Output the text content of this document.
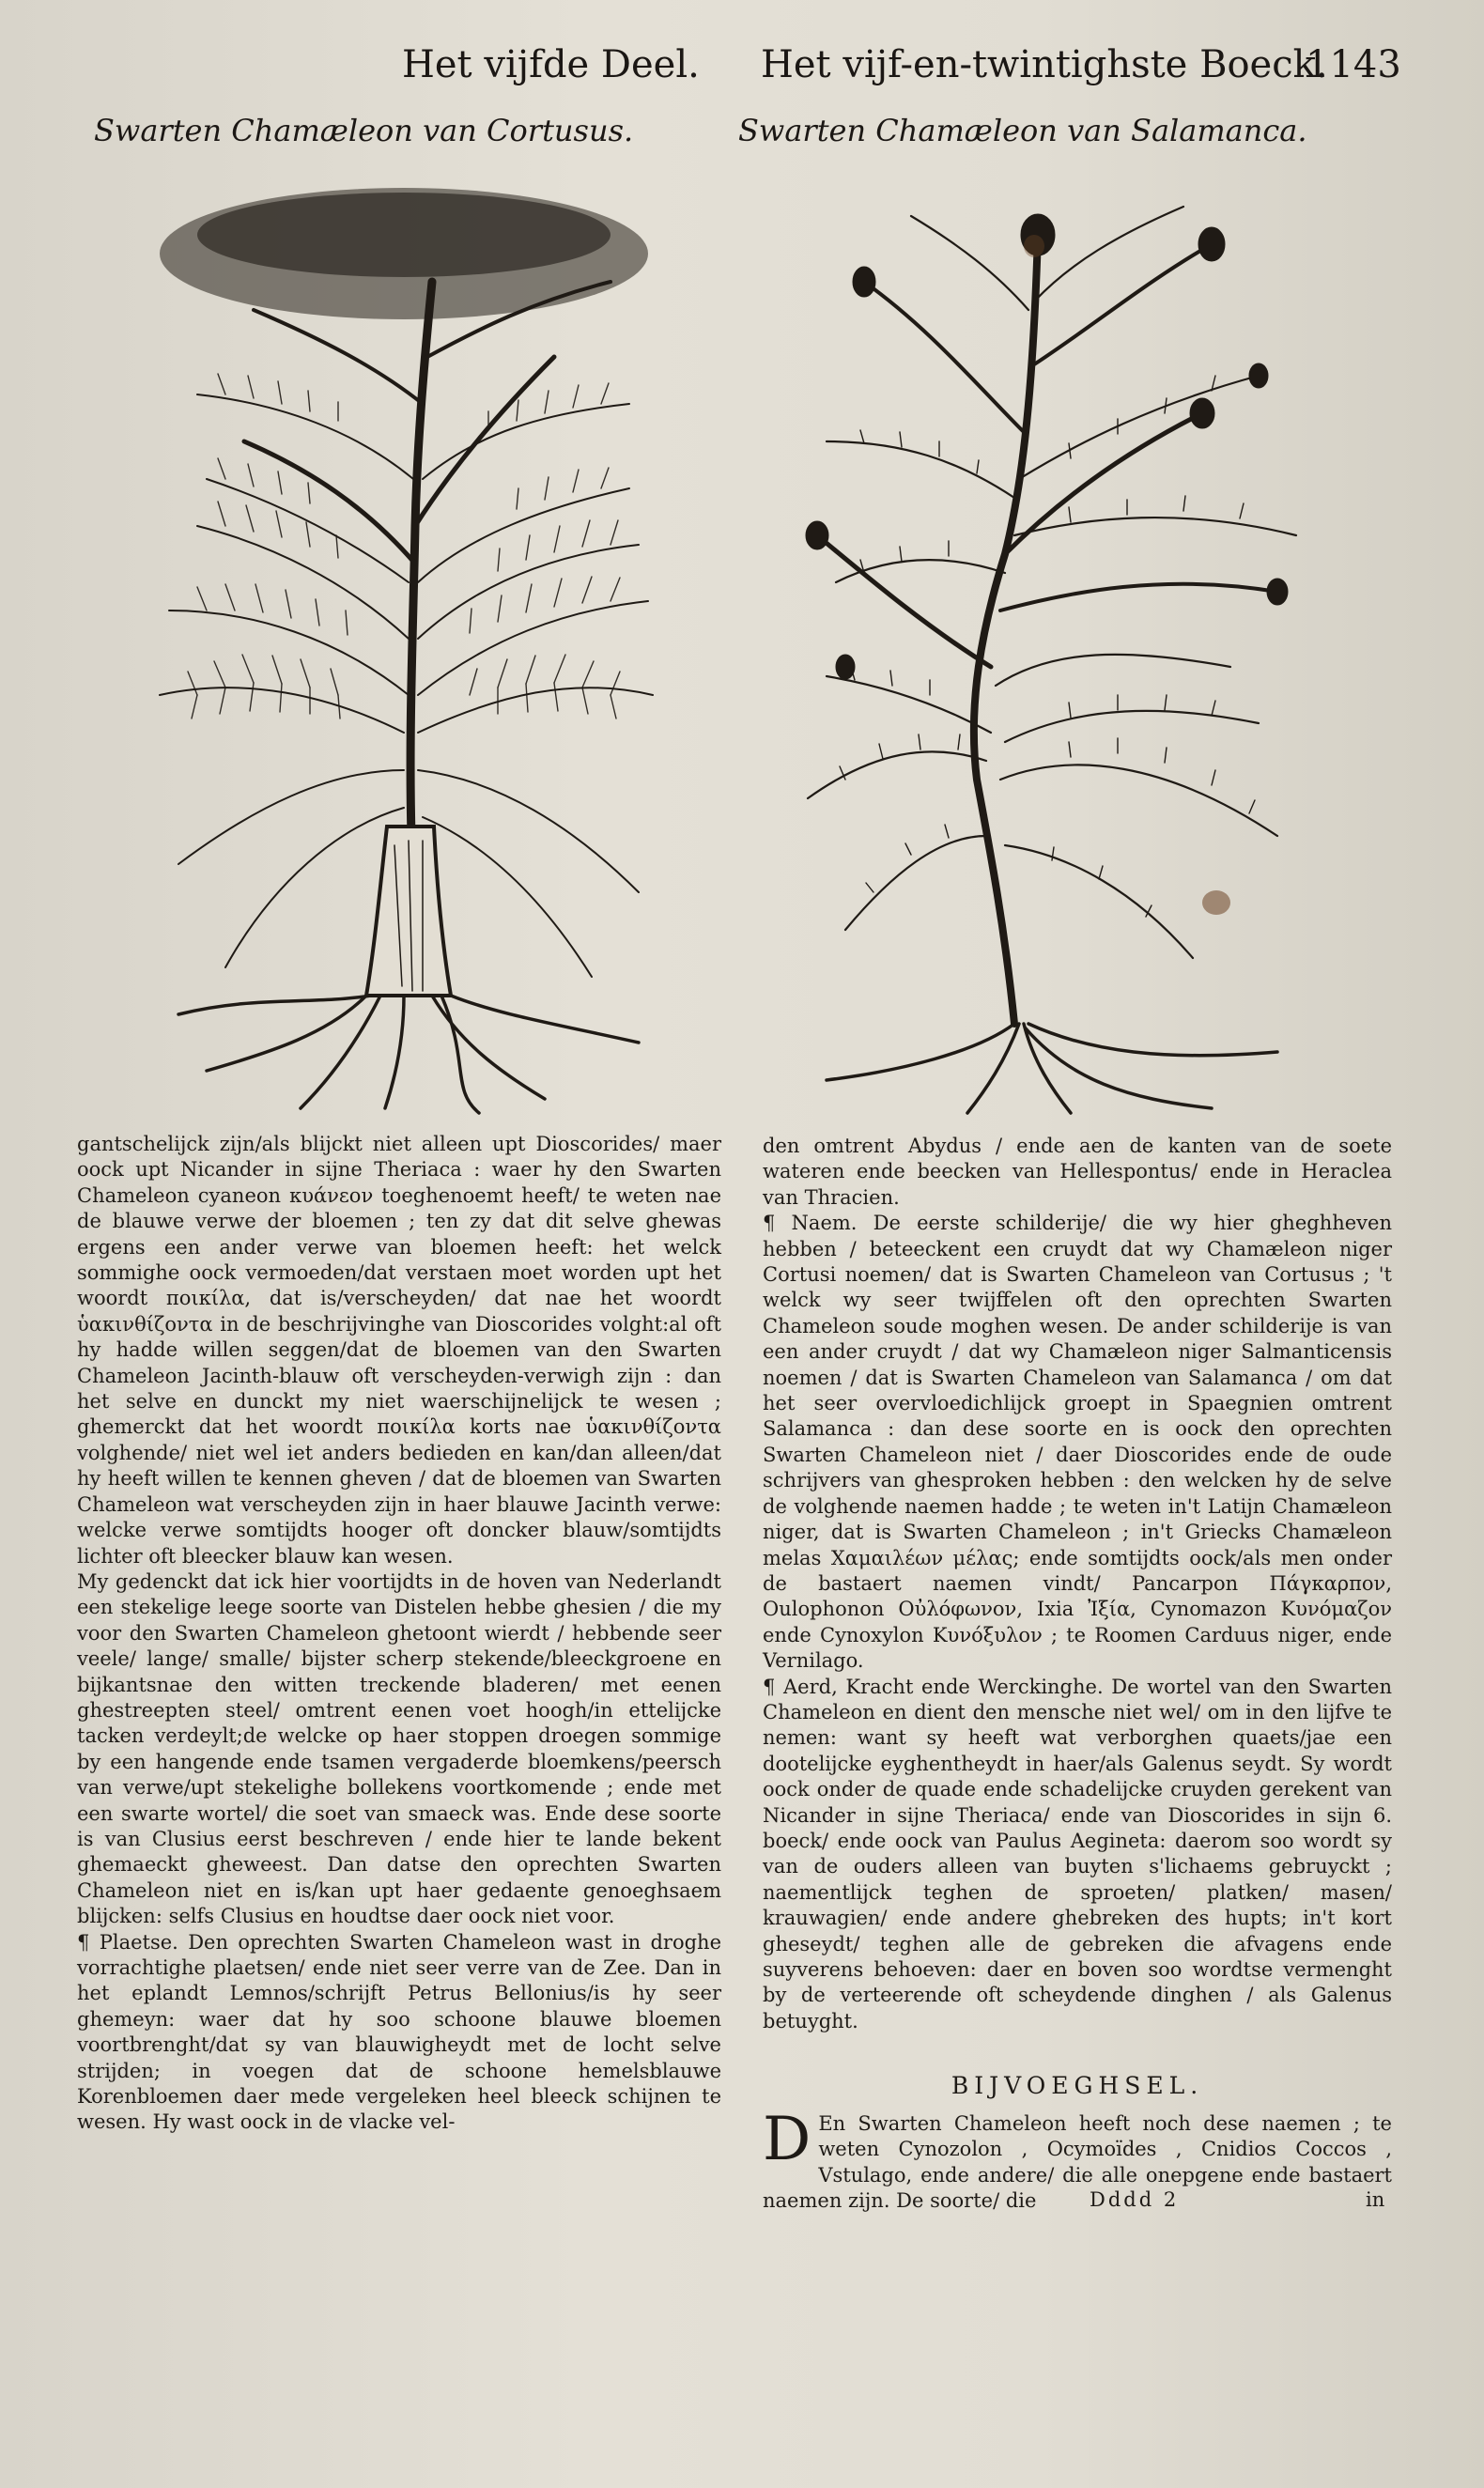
Het vijfde Deel. Het vijf-en-twintighste Boeck.
1143
Swarten Chamæleon van Cortusus.	Swarten Chamæleon van Salamanca.

gantschelijck zijn/als blijckt niet alleen upt Dioscorides/ maer oock upt Nicander in sijne Theriaca : waer hy den Swarten Chameleon cyaneon κυάνεον toeghenoemt heeft/ te weten nae de blauwe verwe der bloemen ; ten zy dat dit selve ghewas ergens een ander verwe van bloemen heeft: het welck sommighe oock vermoeden/dat verstaen moet worden upt het woordt ποικίλα, dat is/verscheyden/ dat nae het woordt ὑακινθίζοντα in de beschrijvinghe van Dioscorides volght:al oft hy hadde willen seggen/dat de bloemen van den Swarten Chameleon Jacinth-blauw oft verscheyden-verwigh zijn : dan het selve en dunckt my niet waerschijnelijck te wesen ; ghemerckt dat het woordt ποικίλα korts nae ὑακινθίζοντα volghende/ niet wel iet anders bedieden en kan/dan alleen/dat hy heeft willen te kennen gheven / dat de bloemen van Swarten Chameleon wat verscheyden zijn in haer blauwe Jacinth verwe: welcke verwe somtijdts hooger oft doncker blauw/somtijdts lichter oft bleecker blauw kan wesen.

My gedenckt dat ick hier voortijdts in de hoven van Nederlandt een stekelige leege soorte van Distelen hebbe ghesien / die my voor den Swarten Chameleon ghetoont wierdt / hebbende seer veele/ lange/ smalle/ bijster scherp stekende/bleeckgroene en bijkantsnae den witten treckende bladeren/ met eenen ghestreepten steel/ omtrent eenen voet hoogh/in ettelijcke tacken verdeylt;de welcke op haer stoppen droegen sommige by een hangende ende tsamen vergaderde bloemkens/peersch van verwe/upt stekelighe bollekens voortkomende ; ende met een swarte wortel/ die soet van smaeck was. Ende dese soorte is van Clusius eerst beschreven / ende hier te lande bekent ghemaeckt gheweest. Dan datse den oprechten Swarten Chameleon niet en is/kan upt haer gedaente genoeghsaem blijcken: selfs Clusius en houdtse daer oock niet voor.

¶ Plaetse. Den oprechten Swarten Chameleon wast in droghe vorrachtighe plaetsen/ ende niet seer verre van de Zee. Dan in het eplandt Lemnos/schrijft Petrus Bellonius/is hy seer ghemeyn: waer dat hy soo schoone blauwe bloemen voortbrenght/dat sy van blauwigheydt met de locht selve strijden; in voegen dat de schoone hemelsblauwe Korenbloemen daer mede vergeleken heel bleeck schijnen te wesen. Hy wast oock in de vlacke vel-

den omtrent Abydus / ende aen de kanten van de soete wateren ende beecken van Hellespontus/ ende in Heraclea van Thracien.

¶ Naem. De eerste schilderije/ die wy hier gheghheven hebben / beteeckent een cruydt dat wy Chamæleon niger Cortusi noemen/ dat is Swarten Chameleon van Cortusus ; 't welck wy seer twijffelen oft den oprechten Swarten Chameleon soude moghen wesen. De ander schilderije is van een ander cruydt / dat wy Chamæleon niger Salmanticensis noemen / dat is Swarten Chameleon van Salamanca / om dat het seer overvloedichlijck groept in Spaegnien omtrent Salamanca : dan dese soorte en is oock den oprechten Swarten Chameleon niet / daer Dioscorides ende de oude schrijvers van ghesproken hebben : den welcken hy de selve de volghende naemen hadde ; te weten in't Latijn Chamæleon niger, dat is Swarten Chameleon ; in't Griecks Chamæleon melas Χαμαιλέων μέλας; ende somtijdts oock/als men onder de bastaert naemen vindt/ Pancarpon Πάγκαρπον, Oulophonon Οὐλόφωνον, Ixia Ἰξία, Cynomazon Κυνόμαζον ende Cynoxylon Κυνόξυλον ; te Roomen Carduus niger, ende Vernilago.

¶ Aerd, Kracht ende Werckinghe. De wortel van den Swarten Chameleon en dient den mensche niet wel/ om in den lijfve te nemen: want sy heeft wat verborghen quaets/jae een dootelijcke eyghentheydt in haer/als Galenus seydt. Sy wordt oock onder de quade ende schadelijcke cruyden gerekent van Nicander in sijne Theriaca/ ende van Dioscorides in sijn 6. boeck/ ende oock van Paulus Aegineta: daerom soo wordt sy van de ouders alleen van buyten s'lichaems gebruyckt ; naementlijck teghen de sproeten/ platken/ masen/ krauwagien/ ende andere ghebreken des hupts; in't kort gheseydt/ teghen alle de gebreken die afvagens ende suyverens behoeven: daer en boven soo wordtse vermenght by de verteerende oft scheydende dinghen / als Galenus betuyght.

BIJVOEGHSEL.
D En Swarten Chameleon heeft noch dese naemen ; te weten Cynozolon , Ocymoïdes , Cnidios Coccos , Vstulago, ende andere/ die alle onepgene ende bastaert naemen zijn. De soorte/ die	Dddd 2	in
